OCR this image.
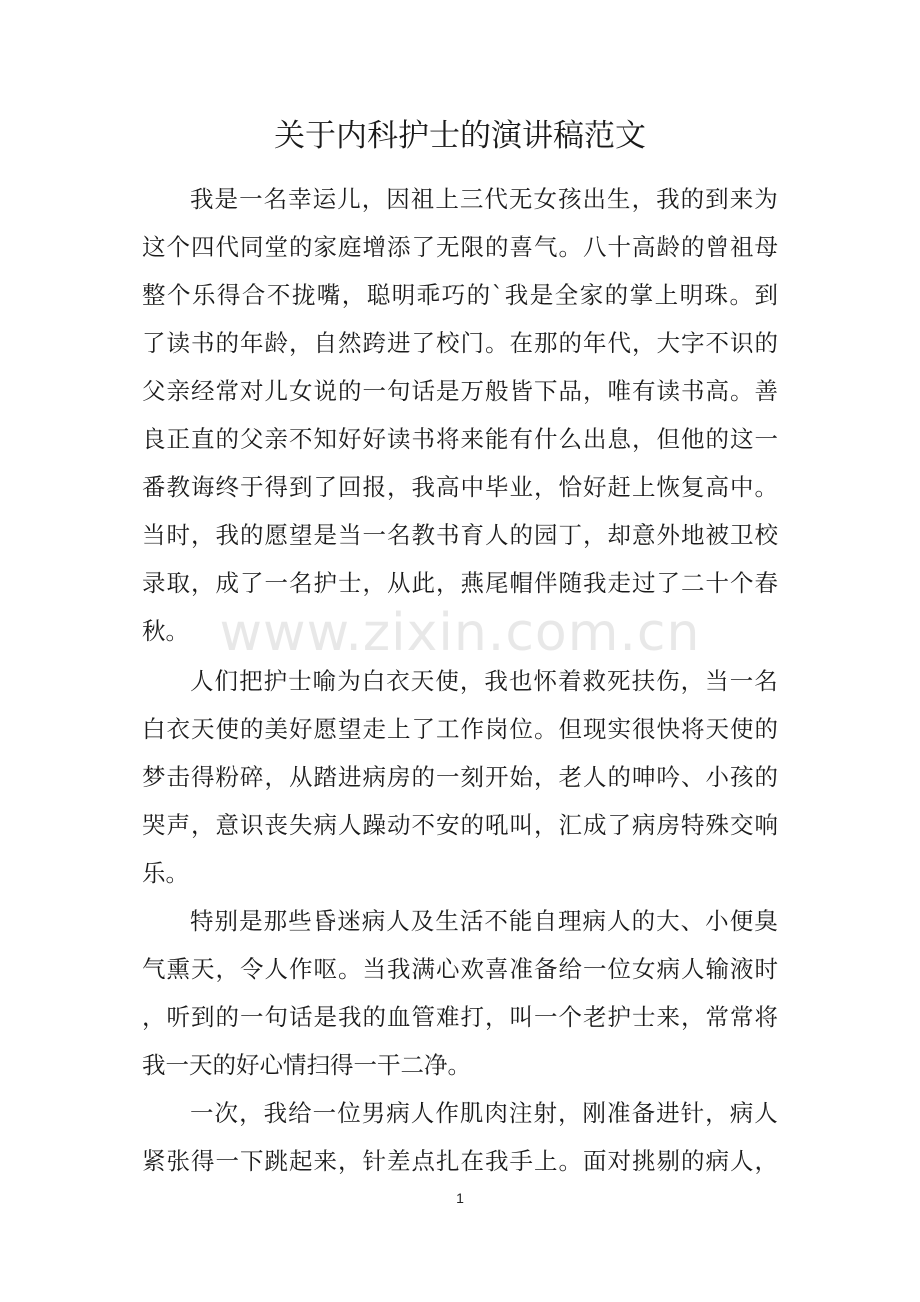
关于内科护士的演讲稿范文
我 是 一 名 幸 运 儿 ， 因 祖 上 三 代 无 女 孩 出 生 ， 我 的 到 来 为
这 个 四 代 同 堂 的 家 庭 增 添 了 无 限 的 喜 气 。 八 十 高 龄 的 曾 祖 母
整 个 乐 得 合 不 拢 嘴 ， 聪 明 乖 巧 的 ` 我 是 全 家 的 掌 上 明 珠 。 到
了 读 书 的 年 龄 ， 自 然 跨 进 了 校 门 。 在 那 的 年 代 ， 大 字 不 识 的
父 亲 经 常 对 儿 女 说 的 一 句 话 是 万 般 皆 下 品 ， 唯 有 读 书 高 。 善
良 正 直 的 父 亲 不 知 好 好 读 书 将 来 能 有 什 么 出 息 ， 但 他 的 这 一
番 教 诲 终 于 得 到 了 回 报 ， 我 高 中 毕 业 ， 恰 好 赶 上 恢 复 高 中 。
当 时 ， 我 的 愿 望 是 当 一 名 教 书 育 人 的 园 丁 ， 却 意 外 地 被 卫 校
录 取 ， 成 了 一 名 护 士 ， 从 此 ， 燕 尾 帽 伴 随 我 走 过 了 二 十 个 春
秋。
人 们 把 护 士 喻 为 白 衣 天 使 ， 我 也 怀 着 救 死 扶 伤 ， 当 一 名
白 衣 天 使 的 美 好 愿 望 走 上 了 工 作 岗 位 。 但 现 实 很 快 将 天 使 的
梦 击 得 粉 碎 ， 从 踏 进 病 房 的 一 刻 开 始 ， 老 人 的 呻 吟 、 小 孩 的
哭 声 ， 意 识 丧 失 病 人 躁 动 不 安 的 吼 叫 ， 汇 成 了 病 房 特 殊 交 响
乐。
特 别 是 那 些 昏 迷 病 人 及 生 活 不 能 自 理 病 人 的 大 、 小 便 臭
气 熏 天 ， 令 人 作 呕 。 当 我 满 心 欢 喜 准 备 给 一 位 女 病 人 输 液 时
， 听 到 的 一 句 话 是 我 的 血 管 难 打 ， 叫 一 个 老 护 士 来 ， 常 常 将
我一天的好心情扫得一干二净。
一 次 ， 我 给 一 位 男 病 人 作 肌 肉 注 射 ， 刚 准 备 进 针 ， 病 人
紧 张 得 一 下 跳 起 来 ， 针 差 点 扎 在 我 手 上 。 面 对 挑 剔 的 病 人 ，
www.zixin.com.cn
1
